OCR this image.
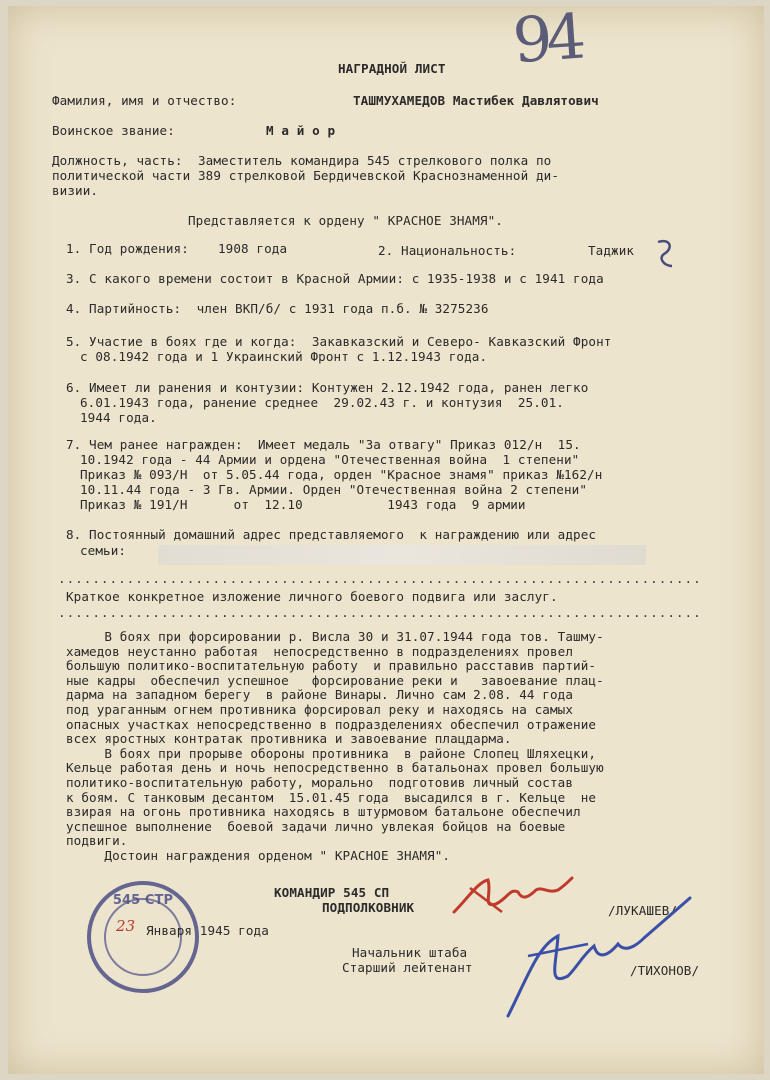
НАГРАДНОЙ ЛИСТ 94
Фамилия, имя и отчество:	ТАШМУХАМЕДОВ Мастибек Давлятович
Воинское звание:	М а й о р
Должность, часть:  Заместитель командира 545 стрелкового полка по
политической части 389 стрелковой Бердичевской Краснознаменной ди-
визии.
Представляется к ордену " КРАСНОЕ ЗНАМЯ".
1. Год рождения: 1908 года	2. Национальность:	Таджик
3. С какого времени состоит в Красной Армии: с 1935-1938 и с 1941 года
4. Партийность:  член ВКП/б/ с 1931 года п.б. № 3275236
5. Участие в боях где и когда:  Закавказский и Северо- Кавказский Фронт
с 08.1942 года и 1 Украинский Фронт с 1.12.1943 года.
6. Имеет ли ранения и контузии: Контужен 2.12.1942 года, ранен легко
6.01.1943 года, ранение среднее  29.02.43 г. и контузия  25.01.
1944 года.
7. Чем ранее награжден:  Имеет медаль "За отвагу" Приказ 012/н  15.
10.1942 года - 44 Армии и ордена "Отечественная война  1 степени"
Приказ № 093/Н  от 5.05.44 года, орден "Красное знамя" приказ №162/н
10.11.44 года - 3 Гв. Армии. Орден "Отечественная война 2 степени"
Приказ № 191/Н      от  12.10           1943 года  9 армии
8. Постоянный домашний адрес представляемого  к награждению или адрес
семьи:
...........................................................................
Краткое конкретное изложение личного боевого подвига или заслуг.
...........................................................................
В боях при форсировании р. Висла 30 и 31.07.1944 года тов. Ташму-
хамедов неустанно работая  непосредственно в подразделениях провел
большую политико-воспитательную работу  и правильно расставив партий-
ные кадры  обеспечил успешное   форсирование реки и   завоевание плац-
дарма на западном берегу  в районе Винары. Лично сам 2.08. 44 года
под ураганным огнем противника форсировал реку и находясь на самых
опасных участках непосредственно в подразделениях обеспечил отражение
всех яростных контратак противника и завоевание плацдарма.
В боях при прорыве обороны противника  в районе Слопец Шляхецки,
Кельце работая день и ночь непосредственно в батальонах провел большую
политико-воспитательную работу, морально  подготовив личный состав
к боям. С танковым десантом  15.01.45 года  высадился в г. Кельце  не
взирая на огонь противника находясь в штурмовом батальоне обеспечил
успешное выполнение  боевой задачи лично увлекая бойцов на боевые
подвиги.
Достоин награждения орденом " КРАСНОЕ ЗНАМЯ".
КОМАНДИР 545 СП
ПОДПОЛКОВНИК	/ЛУКАШЕВ/
545 СТР
23 Января 1945 года
Начальник штаба
Старший лейтенант	/ТИХОНОВ/
